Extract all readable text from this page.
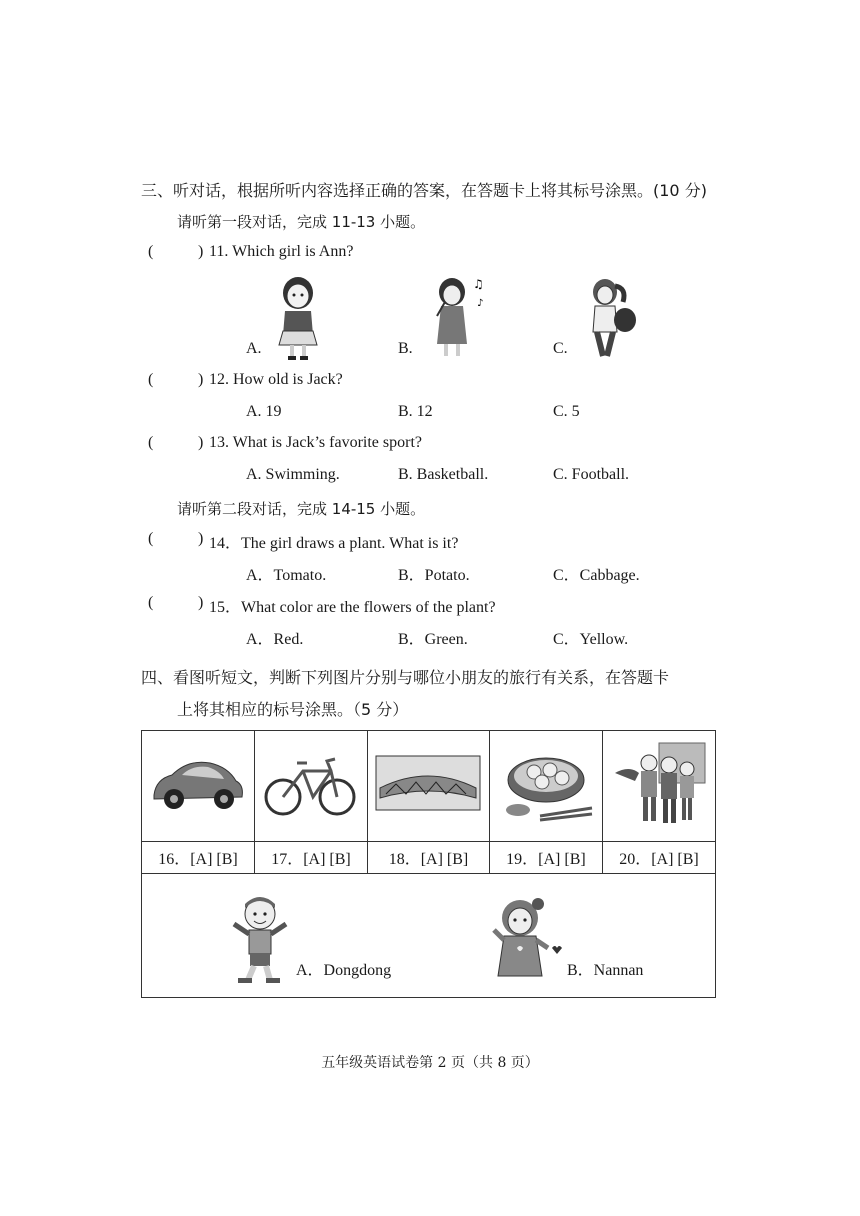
三、听对话，根据所听内容选择正确的答案，在答题卡上将其标号涂黑。(10 分)
请听第一段对话，完成 11-13 小题。
(	) 11. Which girl is Ann?
A.	B.
♫
♪
C.
(	) 12. How old is Jack?
A. 19	B. 12	C. 5
(	) 13. What is Jack’s favorite sport?
A. Swimming.	B. Basketball.	C. Football.
请听第二段对话，完成 14-15 小题。
(	) 14．The girl draws a plant. What is it?
A．Tomato.	B．Potato.	C．Cabbage.
(	) 15．What color are the flowers of the plant?
A．Red.	B．Green.	C．Yellow.
四、看图听短文，判断下列图片分别与哪位小朋友的旅行有关系，在答题卡
上将其相应的标号涂黑。（5 分）

16．[A] [B]	17．[A] [B]	18．[A] [B]	19．[A] [B]	20．[A] [B]

A．Dongdong B．Nannan				
五年级英语试卷第 2 页（共 8 页）
